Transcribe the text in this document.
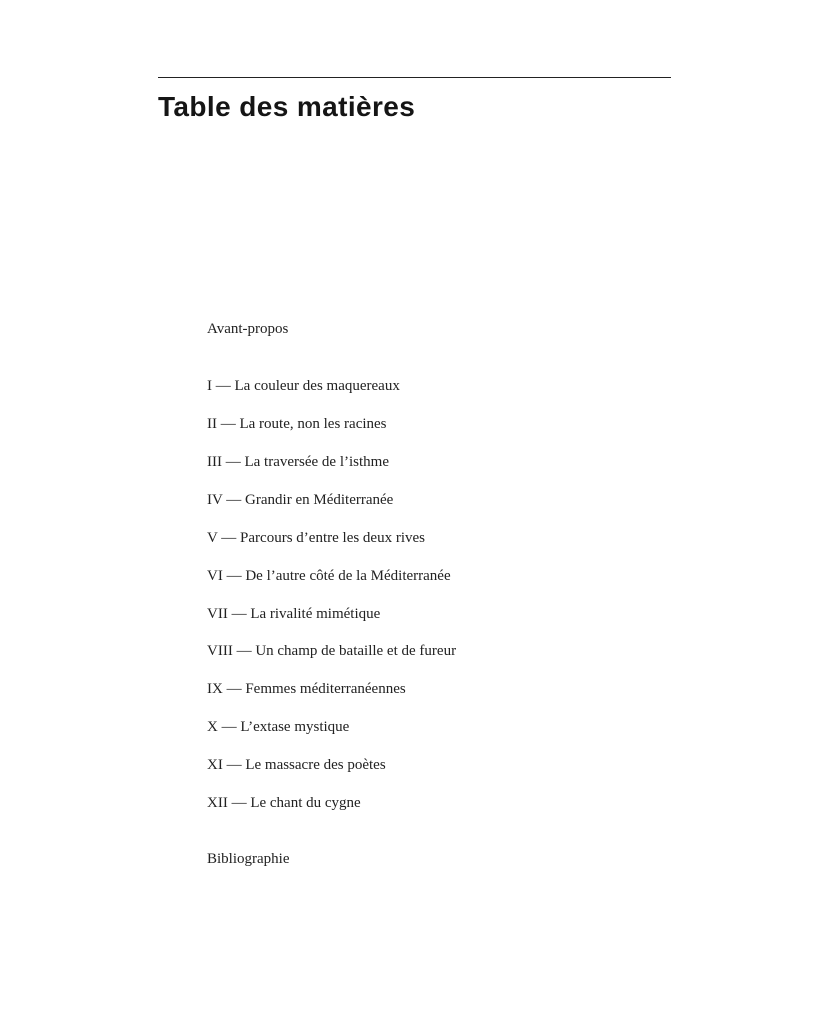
Table des matières
Avant-propos
I — La couleur des maquereaux
II — La route, non les racines
III — La traversée de l’isthme
IV — Grandir en Méditerranée
V — Parcours d’entre les deux rives
VI — De l’autre côté de la Méditerranée
VII — La rivalité mimétique
VIII — Un champ de bataille et de fureur
IX — Femmes méditerranéennes
X — L’extase mystique
XI — Le massacre des poètes
XII — Le chant du cygne
Bibliographie
